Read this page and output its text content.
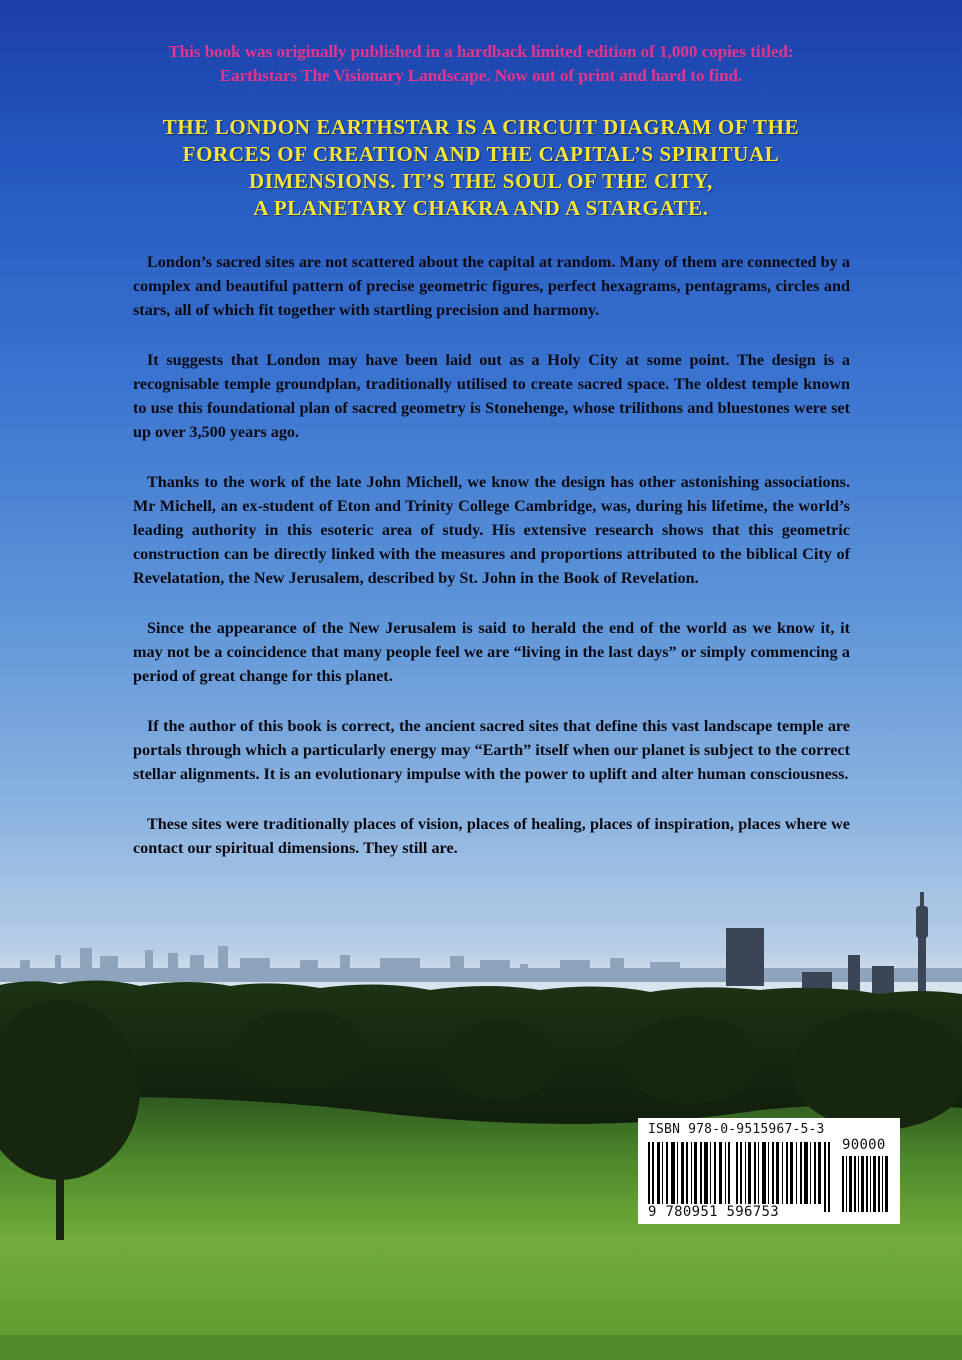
This book was originally published in a hardback limited edition of 1,000 copies titled:
Earthstars The Visionary Landscape. Now out of print and hard to find.
THE LONDON EARTHSTAR IS A CIRCUIT DIAGRAM OF THE
FORCES OF CREATION AND THE CAPITAL’S SPIRITUAL
DIMENSIONS. IT’S THE SOUL OF THE CITY,
A PLANETARY CHAKRA AND A STARGATE.

London’s sacred sites are not scattered about the capital at random. Many of them are connected by a complex and beautiful pattern of precise geometric figures, perfect hexagrams, pentagrams, circles and stars, all of which fit together with startling precision and harmony.

It suggests that London may have been laid out as a Holy City at some point. The design is a recognisable temple groundplan, traditionally utilised to create sacred space. The oldest temple known to use this foundational plan of sacred geometry is Stonehenge, whose trilithons and bluestones were set up over 3,500 years ago.

Thanks to the work of the late John Michell, we know the design has other astonishing associations. Mr Michell, an ex-student of Eton and Trinity College Cambridge, was, during his lifetime, the world’s leading authority in this esoteric area of study. His extensive research shows that this geometric construction can be directly linked with the measures and proportions attributed to the biblical City of Revelatation, the New Jerusalem, described by St. John in the Book of Revelation.

Since the appearance of the New Jerusalem is said to herald the end of the world as we know it, it may not be a coincidence that many people feel we are “living in the last days” or simply commencing a period of great change for this planet.

If the author of this book is correct, the ancient sacred sites that define this vast landscape temple are portals through which a particularly energy may “Earth” itself when our planet is subject to the correct stellar alignments. It is an evolutionary impulse with the power to uplift and alter human consciousness.

These sites were traditionally places of vision, places of healing, places of inspiration, places where we contact our spiritual dimensions. They still are.

ISBN 978-0-9515967-5-3
90000
9 780951 596753
